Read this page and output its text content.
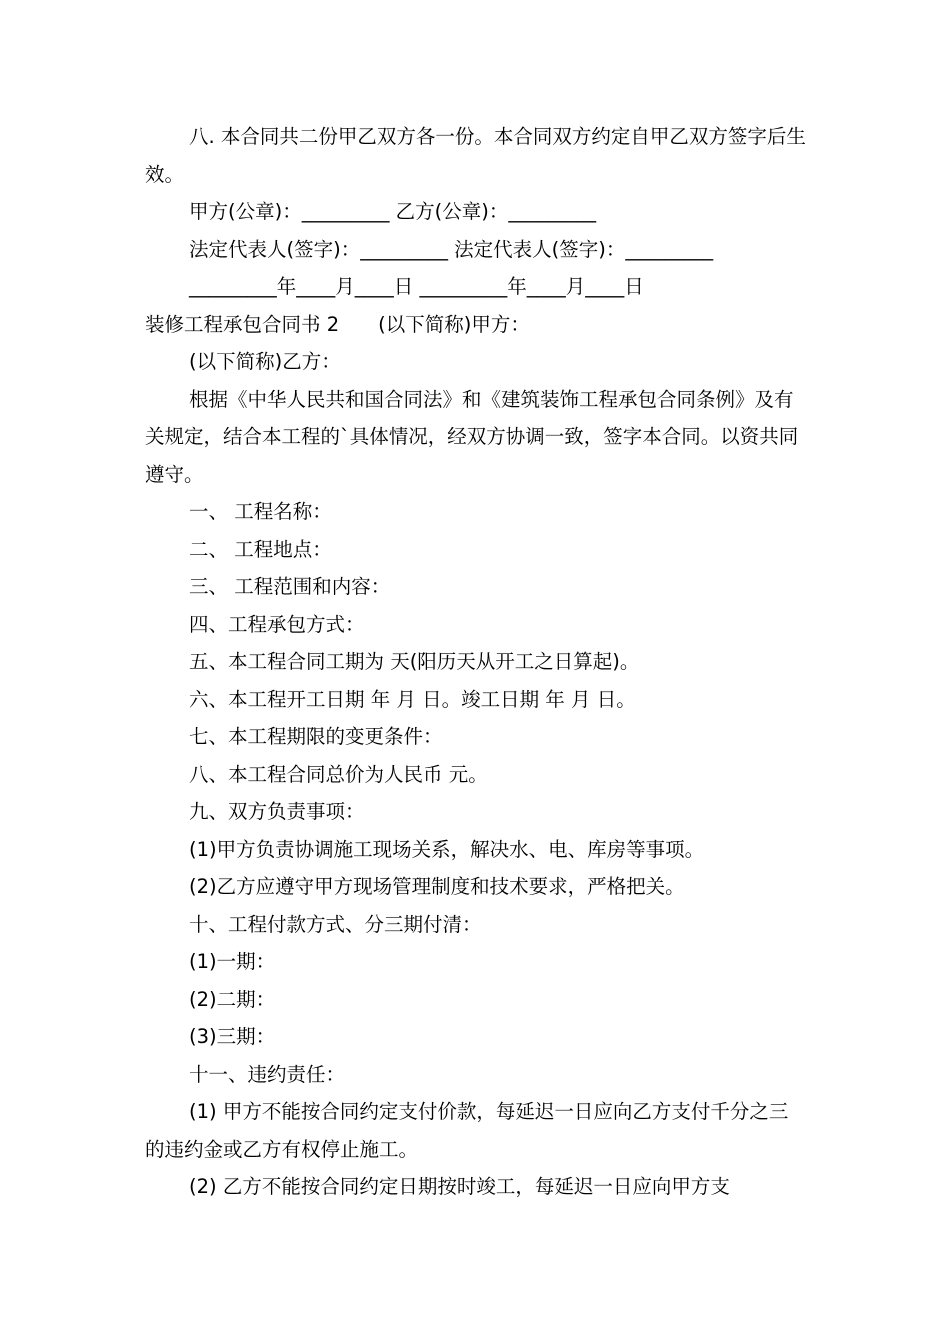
八. 本合同共二份甲乙双方各一份。本合同双方约定自甲乙双方签字后生效。

甲方(公章)：_________ 乙方(公章)：_________

法定代表人(签字)：_________ 法定代表人(签字)：_________

_________年____月____日 _________年____月____日

装修工程承包合同书 2　　(以下简称)甲方：

(以下简称)乙方：

根据《中华人民共和国合同法》和《建筑装饰工程承包合同条例》及有关规定，结合本工程的`具体情况，经双方协调一致，签字本合同。以资共同遵守。

一、 工程名称：

二、 工程地点：

三、 工程范围和内容：

四、工程承包方式：

五、本工程合同工期为 天(阳历天从开工之日算起)。

六、本工程开工日期 年 月 日。竣工日期 年 月 日。

七、本工程期限的变更条件：

八、本工程合同总价为人民币 元。

九、双方负责事项：

(1)甲方负责协调施工现场关系，解决水、电、库房等事项。

(2)乙方应遵守甲方现场管理制度和技术要求，严格把关。

十、工程付款方式、分三期付清：

(1)一期：

(2)二期：

(3)三期：

十一、违约责任：

(1) 甲方不能按合同约定支付价款，每延迟一日应向乙方支付千分之三的违约金或乙方有权停止施工。

(2) 乙方不能按合同约定日期按时竣工，每延迟一日应向甲方支
